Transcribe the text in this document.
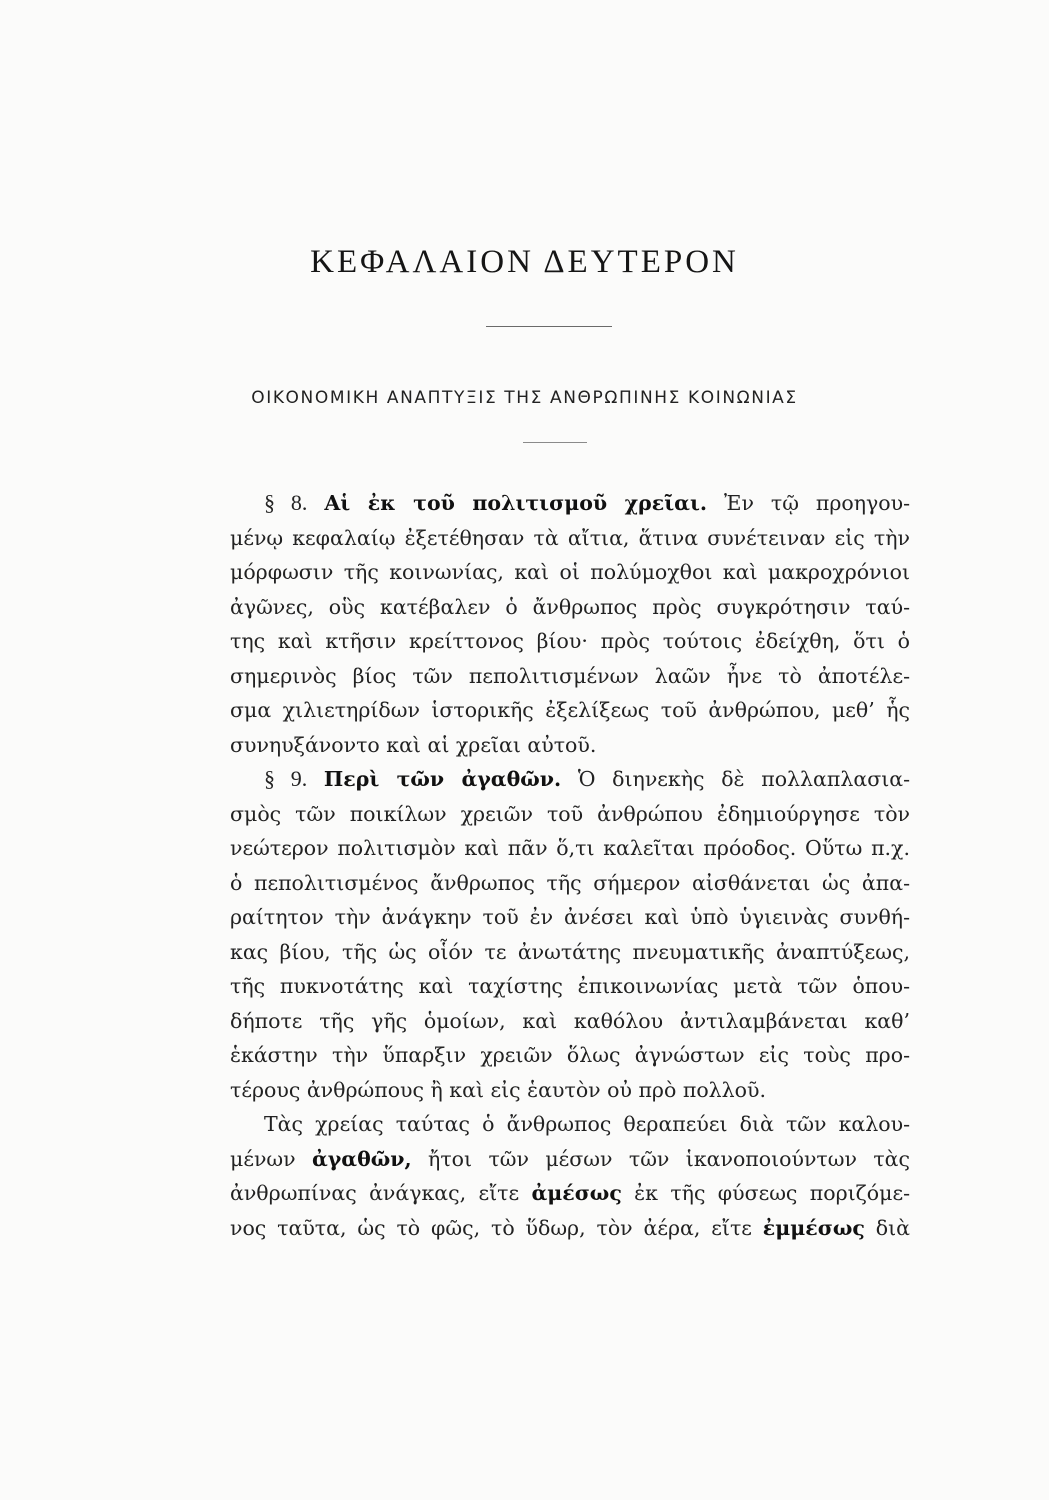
ΚΕΦΑΛΑΙΟΝ ΔΕΥΤΕΡΟΝ
ΟΙΚΟΝΟΜΙΚΗ ΑΝΑΠΤΥΞΙΣ ΤΗΣ ΑΝΘΡΩΠΙΝΗΣ ΚΟΙΝΩΝΙΑΣ
§ 8. Αἱ ἐκ τοῦ πολιτισμοῦ χρεῖαι. Ἐν τῷ προηγου-
μένῳ κεφαλαίῳ ἐξετέθησαν τὰ αἴτια, ἅτινα συνέτειναν εἰς τὴν
μόρφωσιν τῆς κοινωνίας, καὶ οἱ πολύμοχθοι καὶ μακροχρόνιοι
ἀγῶνες, οὓς κατέβαλεν ὁ ἄνθρωπος πρὸς συγκρότησιν ταύ-
της καὶ κτῆσιν κρείττονος βίου· πρὸς τούτοις ἐδείχθη, ὅτι ὁ
σημερινὸς βίος τῶν πεπολιτισμένων λαῶν ἦνε τὸ ἀποτέλε-
σμα χιλιετηρίδων ἱστορικῆς ἐξελίξεως τοῦ ἀνθρώπου, μεθ’ ἧς
συνηυξάνοντο καὶ αἱ χρεῖαι αὐτοῦ.
§ 9. Περὶ τῶν ἀγαθῶν. Ὁ διηνεκὴς δὲ πολλαπλασια-
σμὸς τῶν ποικίλων χρειῶν τοῦ ἀνθρώπου ἐδημιούργησε τὸν
νεώτερον πολιτισμὸν καὶ πᾶν ὅ,τι καλεῖται πρόοδος. Οὕτω π.χ.
ὁ πεπολιτισμένος ἄνθρωπος τῆς σήμερον αἰσθάνεται ὡς ἀπα-
ραίτητον τὴν ἀνάγκην τοῦ ἐν ἀνέσει καὶ ὑπὸ ὑγιεινὰς συνθή-
κας βίου, τῆς ὡς οἷόν τε ἀνωτάτης πνευματικῆς ἀναπτύξεως,
τῆς πυκνοτάτης καὶ ταχίστης ἐπικοινωνίας μετὰ τῶν ὁπου-
δήποτε τῆς γῆς ὁμοίων, καὶ καθόλου ἀντιλαμβάνεται καθ’
ἑκάστην τὴν ὕπαρξιν χρειῶν ὅλως ἀγνώστων εἰς τοὺς προ-
τέρους ἀνθρώπους ἢ καὶ εἰς ἑαυτὸν οὐ πρὸ πολλοῦ.
Τὰς χρείας ταύτας ὁ ἄνθρωπος θεραπεύει διὰ τῶν καλου-
μένων ἀγαθῶν, ἤτοι τῶν μέσων τῶν ἱκανοποιούντων τὰς
ἀνθρωπίνας ἀνάγκας, εἴτε ἀμέσως ἐκ τῆς φύσεως ποριζόμε-
νος ταῦτα, ὡς τὸ φῶς, τὸ ὕδωρ, τὸν ἀέρα, εἴτε ἐμμέσως διὰ
